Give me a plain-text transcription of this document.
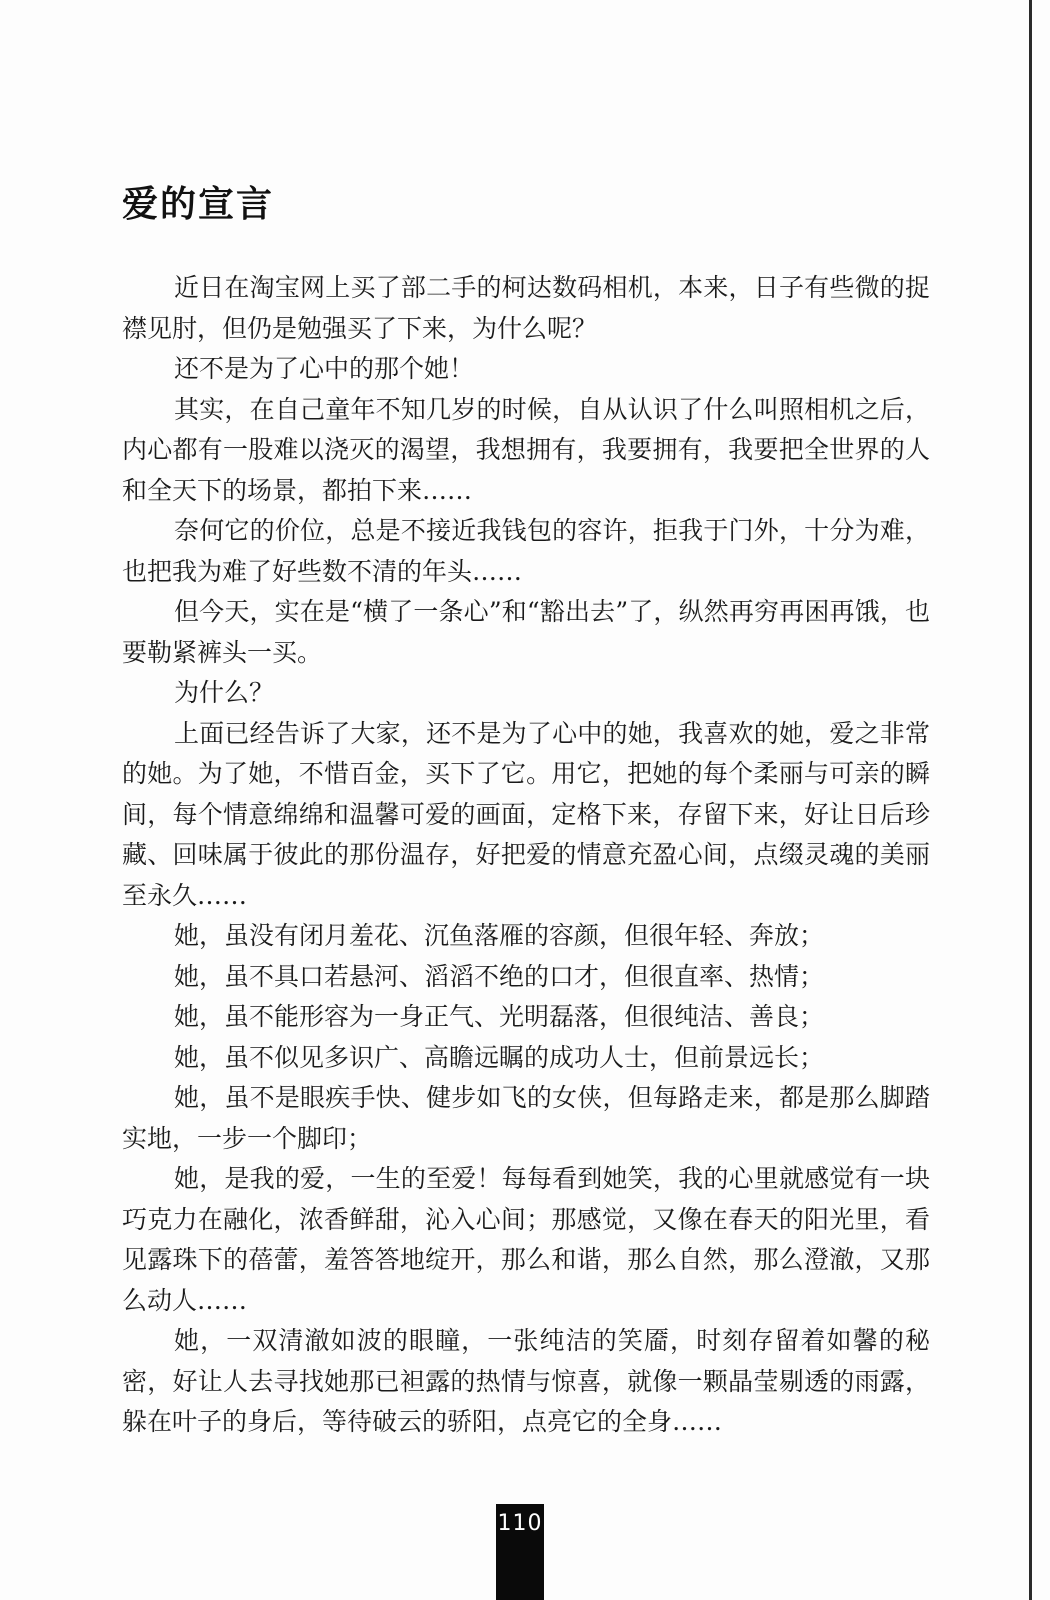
爱的宣言

近日在淘宝网上买了部二手的柯达数码相机，本来，日子有些微的捉襟见肘，但仍是勉强买了下来，为什么呢？

还不是为了心中的那个她！

其实，在自己童年不知几岁的时候，自从认识了什么叫照相机之后，内心都有一股难以浇灭的渴望，我想拥有，我要拥有，我要把全世界的人和全天下的场景，都拍下来……

奈何它的价位，总是不接近我钱包的容许，拒我于门外，十分为难，也把我为难了好些数不清的年头……

但今天，实在是“横了一条心”和“豁出去”了，纵然再穷再困再饿，也要勒紧裤头一买。

为什么？

上面已经告诉了大家，还不是为了心中的她，我喜欢的她，爱之非常的她。为了她，不惜百金，买下了它。用它，把她的每个柔丽与可亲的瞬间，每个情意绵绵和温馨可爱的画面，定格下来，存留下来，好让日后珍藏、回味属于彼此的那份温存，好把爱的情意充盈心间，点缀灵魂的美丽至永久……

她，虽没有闭月羞花、沉鱼落雁的容颜，但很年轻、奔放；

她，虽不具口若悬河、滔滔不绝的口才，但很直率、热情；

她，虽不能形容为一身正气、光明磊落，但很纯洁、善良；

她，虽不似见多识广、高瞻远瞩的成功人士，但前景远长；

她，虽不是眼疾手快、健步如飞的女侠，但每路走来，都是那么脚踏实地，一步一个脚印；

她，是我的爱，一生的至爱！每每看到她笑，我的心里就感觉有一块巧克力在融化，浓香鲜甜，沁入心间；那感觉，又像在春天的阳光里，看见露珠下的蓓蕾，羞答答地绽开，那么和谐，那么自然，那么澄澈，又那么动人……

她，一双清澈如波的眼瞳，一张纯洁的笑靥，时刻存留着如馨的秘密，好让人去寻找她那已袒露的热情与惊喜，就像一颗晶莹剔透的雨露，躲在叶子的身后，等待破云的骄阳，点亮它的全身……

110
